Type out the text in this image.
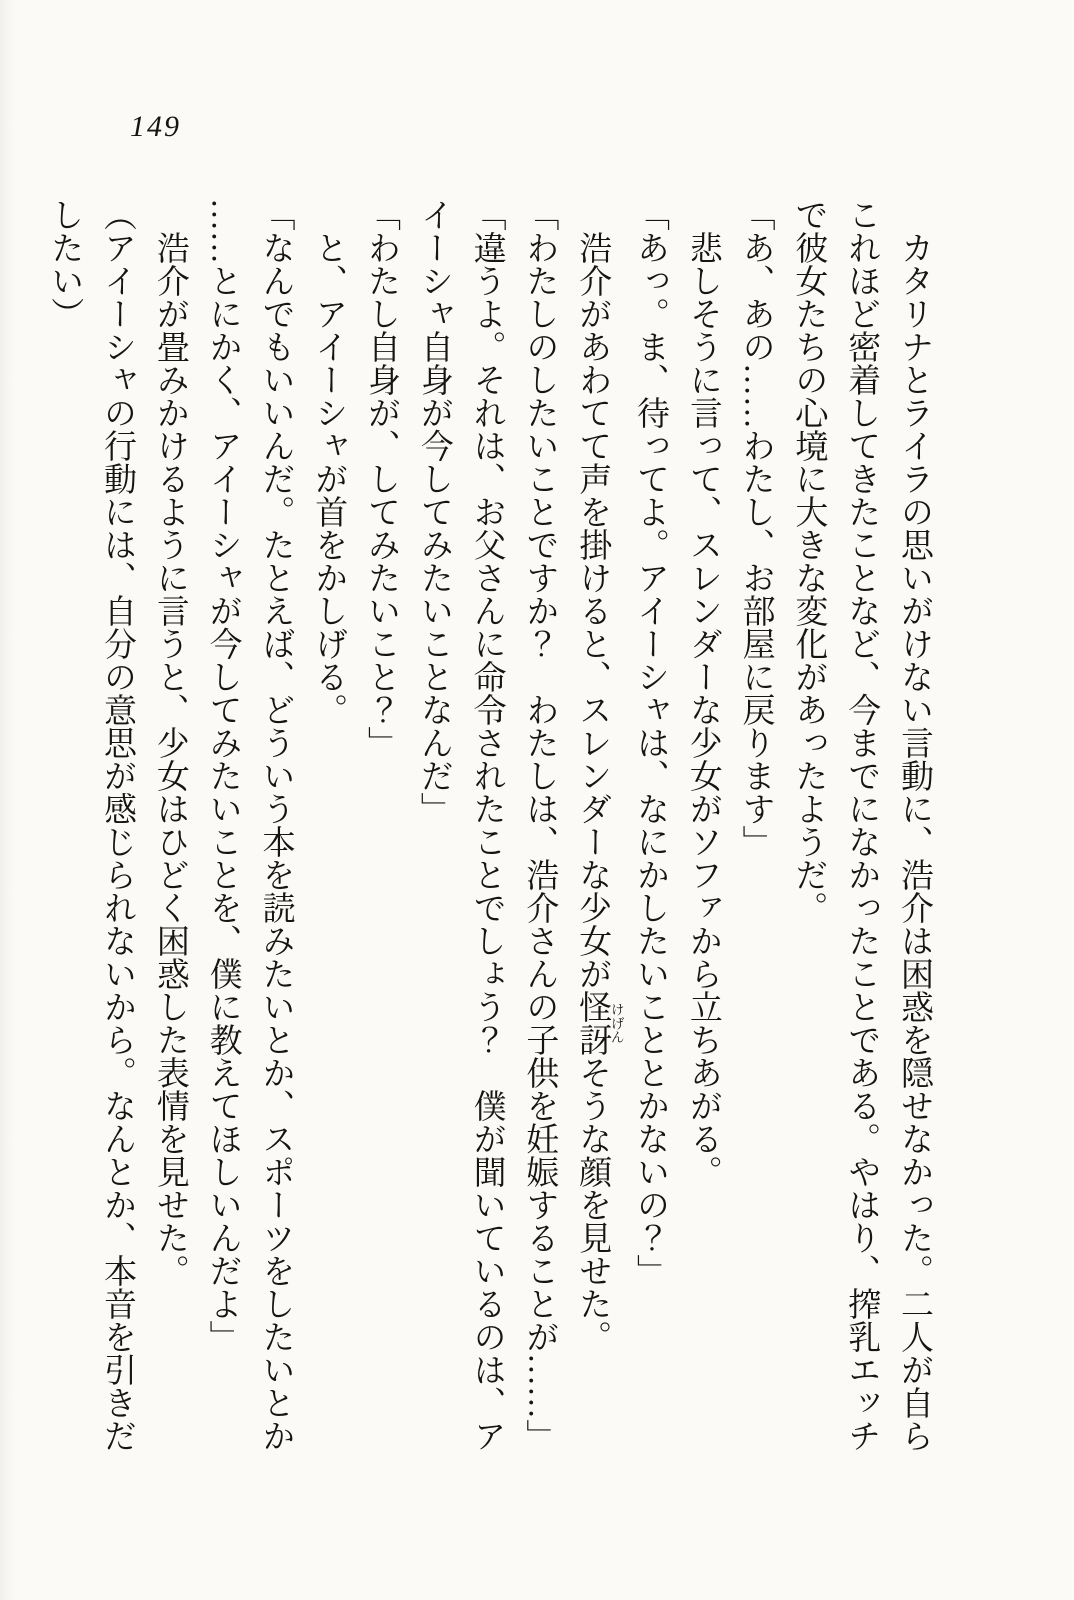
149

カタリナとライラの思いがけない言動に、浩介は困惑を隠せなかった。二人が自らこれほど密着してきたことなど、今までになかったことである。やはり、搾乳エッチで彼女たちの心境に大きな変化があったようだ。

「あ、あの……わたし、お部屋に戻ります」

悲しそうに言って、スレンダーな少女がソファから立ちあがる。

「あっ。ま、待ってよ。アイーシャは、なにかしたいこととかないの？」

浩介があわてて声を掛けると、スレンダーな少女が怪訝けげんそうな顔を見せた。

「わたしのしたいことですか？　わたしは、浩介さんの子供を妊娠することが……」

「違うよ。それは、お父さんに命令されたことでしょう？　僕が聞いているのは、アイーシャ自身が今してみたいことなんだ」

「わたし自身が、してみたいこと？」

と、アイーシャが首をかしげる。

「なんでもいいんだ。たとえば、どういう本を読みたいとか、スポーツをしたいとか……とにかく、アイーシャが今してみたいことを、僕に教えてほしいんだよ」

浩介が畳みかけるように言うと、少女はひどく困惑した表情を見せた。

（アイーシャの行動には、自分の意思が感じられないから。なんとか、本音を引きだしたい）
